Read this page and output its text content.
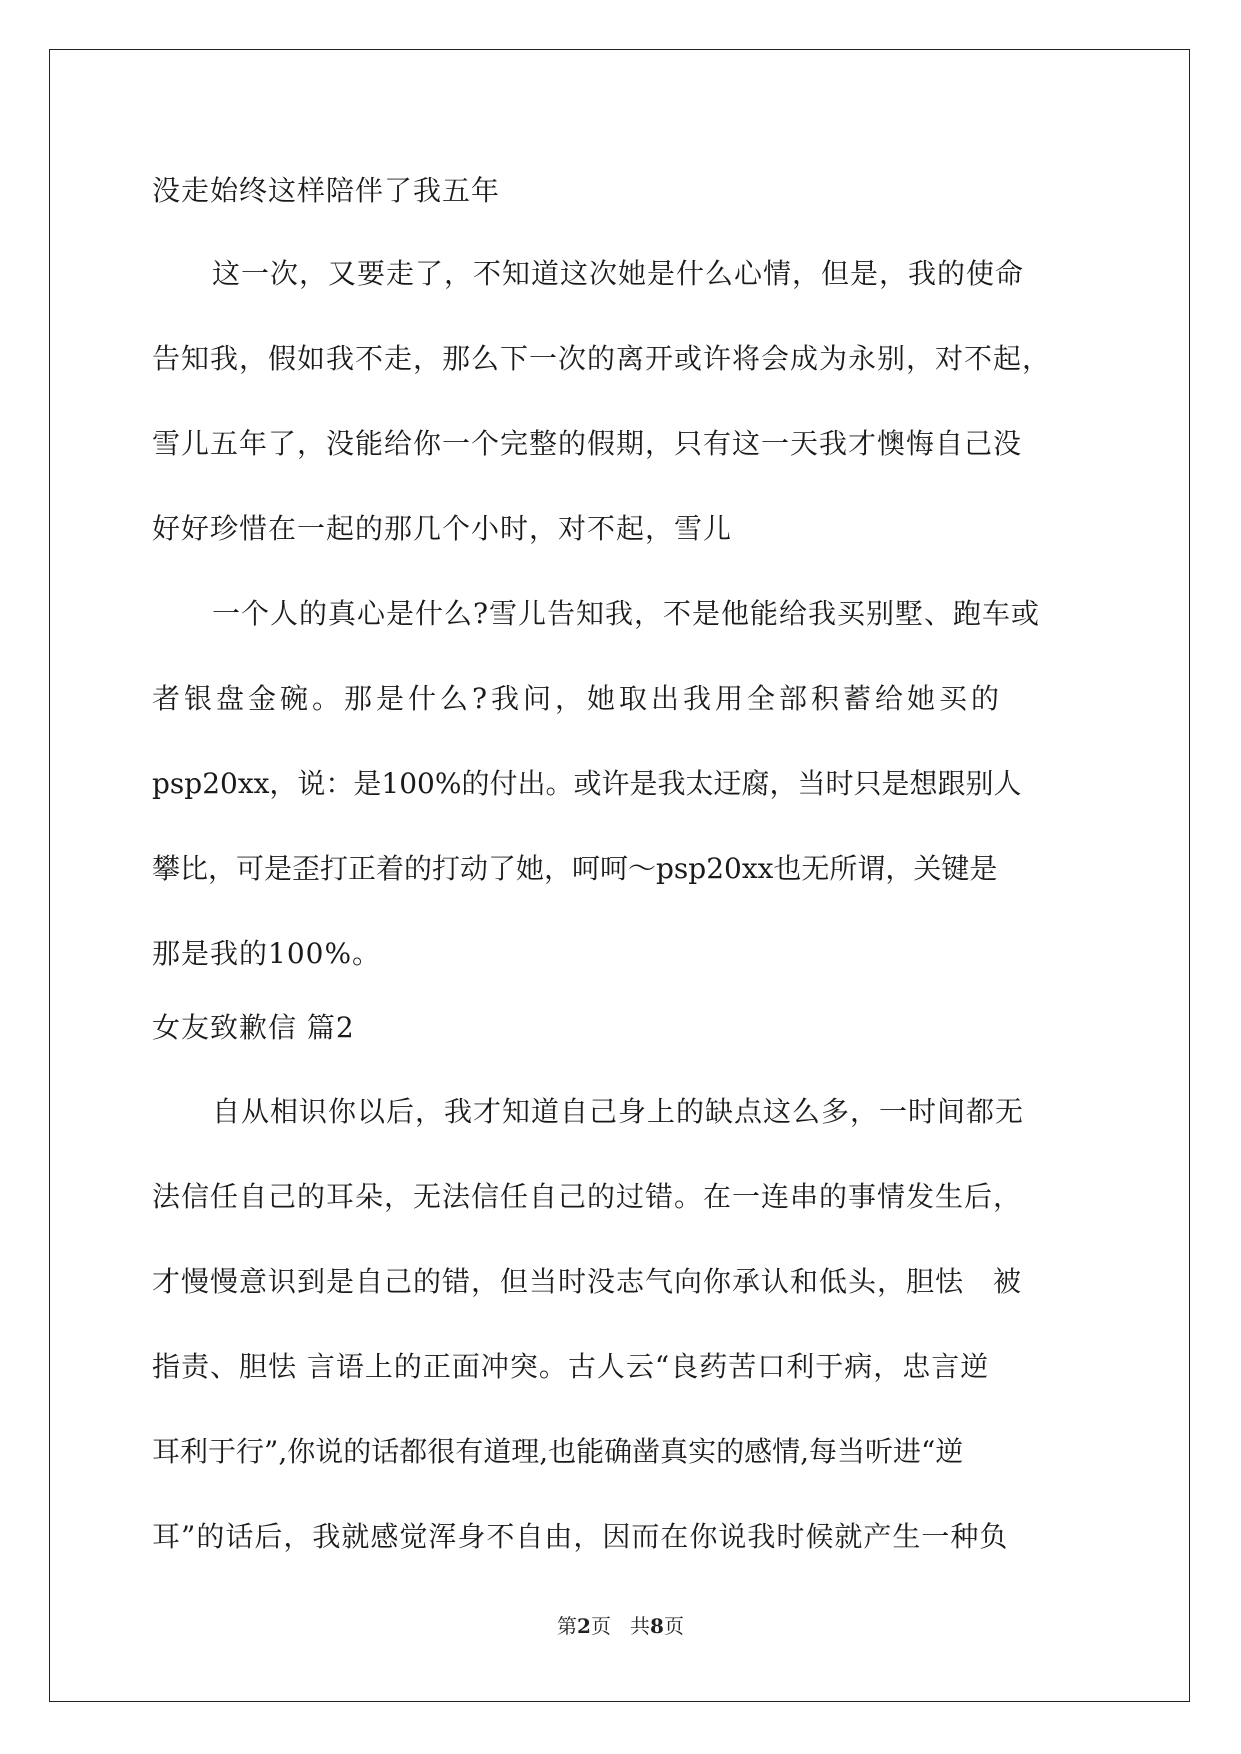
没走始终这样陪伴了我五年
这一次，又要走了，不知道这次她是什么心情，但是，我的使命
告知我，假如我不走，那么下一次的离开或许将会成为永别，对不起，
雪儿五年了，没能给你一个完整的假期，只有这一天我才懊悔自己没
好好珍惜在一起的那几个小时，对不起，雪儿
一个人的真心是什么?雪儿告知我，不是他能给我买别墅、跑车或
者银盘金碗。那是什么?我问，她取出我用全部积蓄给她买的
psp20xx，说：是100%的付出。或许是我太迂腐，当时只是想跟别人
攀比，可是歪打正着的打动了她，呵呵～psp20xx也无所谓，关键是
那是我的100%。
女友致歉信 篇2
自从相识你以后，我才知道自己身上的缺点这么多，一时间都无
法信任自己的耳朵，无法信任自己的过错。在一连串的事情发生后，
才慢慢意识到是自己的错，但当时没志气向你承认和低头，胆怯　被
指责、胆怯 言语上的正面冲突。古人云“良药苦口利于病，忠言逆
耳利于行”,你说的话都很有道理,也能确凿真实的感情,每当听进“逆
耳”的话后，我就感觉浑身不自由，因而在你说我时候就产生一种负
第2页 共8页
